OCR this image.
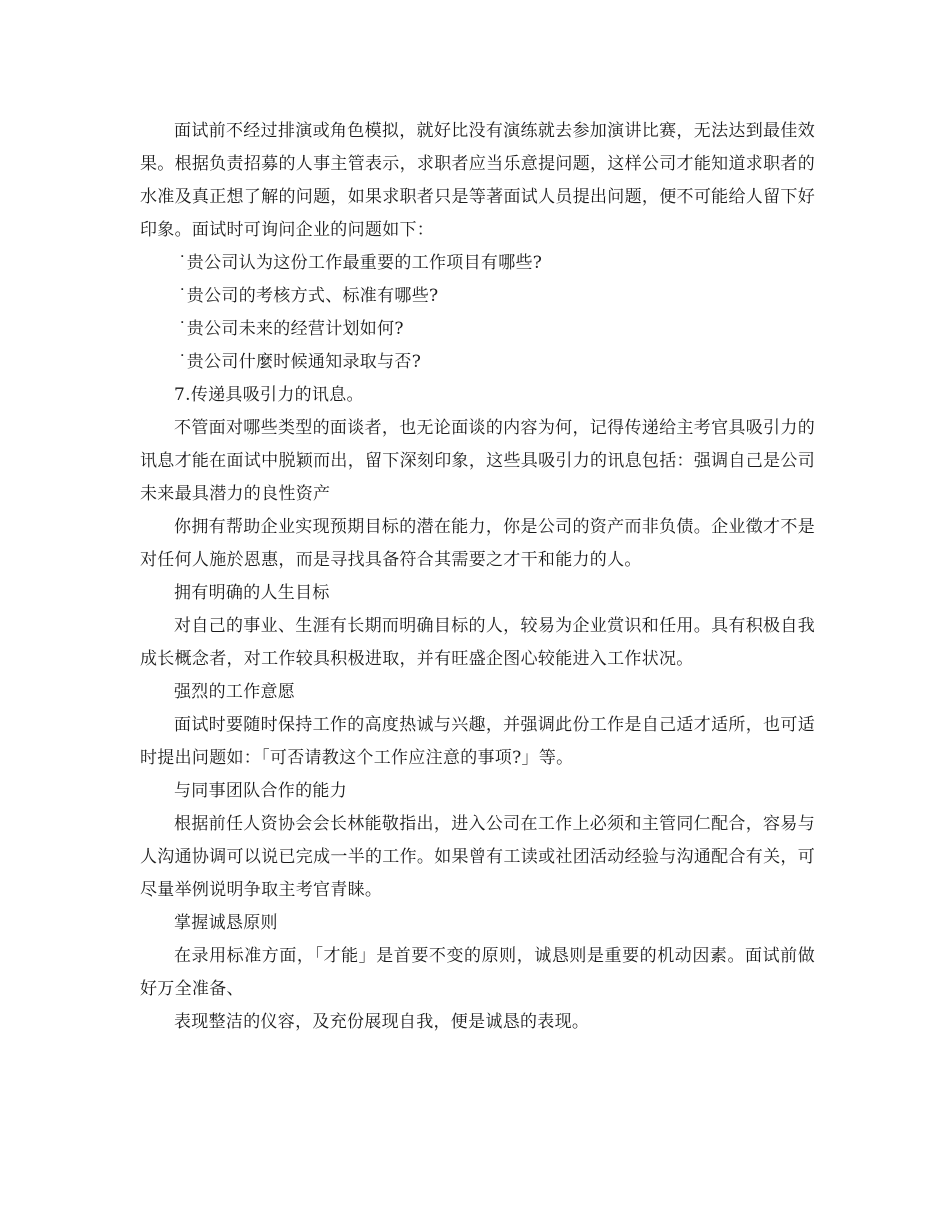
面试前不经过排演或角色模拟，就好比没有演练就去参加演讲比赛，无法达到最佳效果。根据负责招募的人事主管表示，求职者应当乐意提问题，这样公司才能知道求职者的水准及真正想了解的问题，如果求职者只是等著面试人员提出问题，便不可能给人留下好印象。面试时可询问企业的问题如下：

˙贵公司认为这份工作最重要的工作项目有哪些?

˙贵公司的考核方式、标准有哪些?

˙贵公司未来的经营计划如何?

˙贵公司什麼时候通知录取与否?

7.传递具吸引力的讯息。

不管面对哪些类型的面谈者，也无论面谈的内容为何，记得传递给主考官具吸引力的讯息才能在面试中脱颖而出，留下深刻印象，这些具吸引力的讯息包括：强调自己是公司未来最具潜力的良性资产

你拥有帮助企业实现预期目标的潜在能力，你是公司的资产而非负债。企业徵才不是对任何人施於恩惠，而是寻找具备符合其需要之才干和能力的人。

拥有明确的人生目标

对自己的事业、生涯有长期而明确目标的人，较易为企业赏识和任用。具有积极自我成长概念者，对工作较具积极进取，并有旺盛企图心较能进入工作状况。

强烈的工作意愿

面试时要随时保持工作的高度热诚与兴趣，并强调此份工作是自己适才适所，也可适时提出问题如：「可否请教这个工作应注意的事项?」等。

与同事团队合作的能力

根据前任人资协会会长林能敬指出，进入公司在工作上必须和主管同仁配合，容易与人沟通协调可以说已完成一半的工作。如果曾有工读或社团活动经验与沟通配合有关，可尽量举例说明争取主考官青睐。

掌握诚恳原则

在录用标准方面，「才能」是首要不变的原则，诚恳则是重要的机动因素。面试前做好万全准备、

表现整洁的仪容，及充份展现自我，便是诚恳的表现。
